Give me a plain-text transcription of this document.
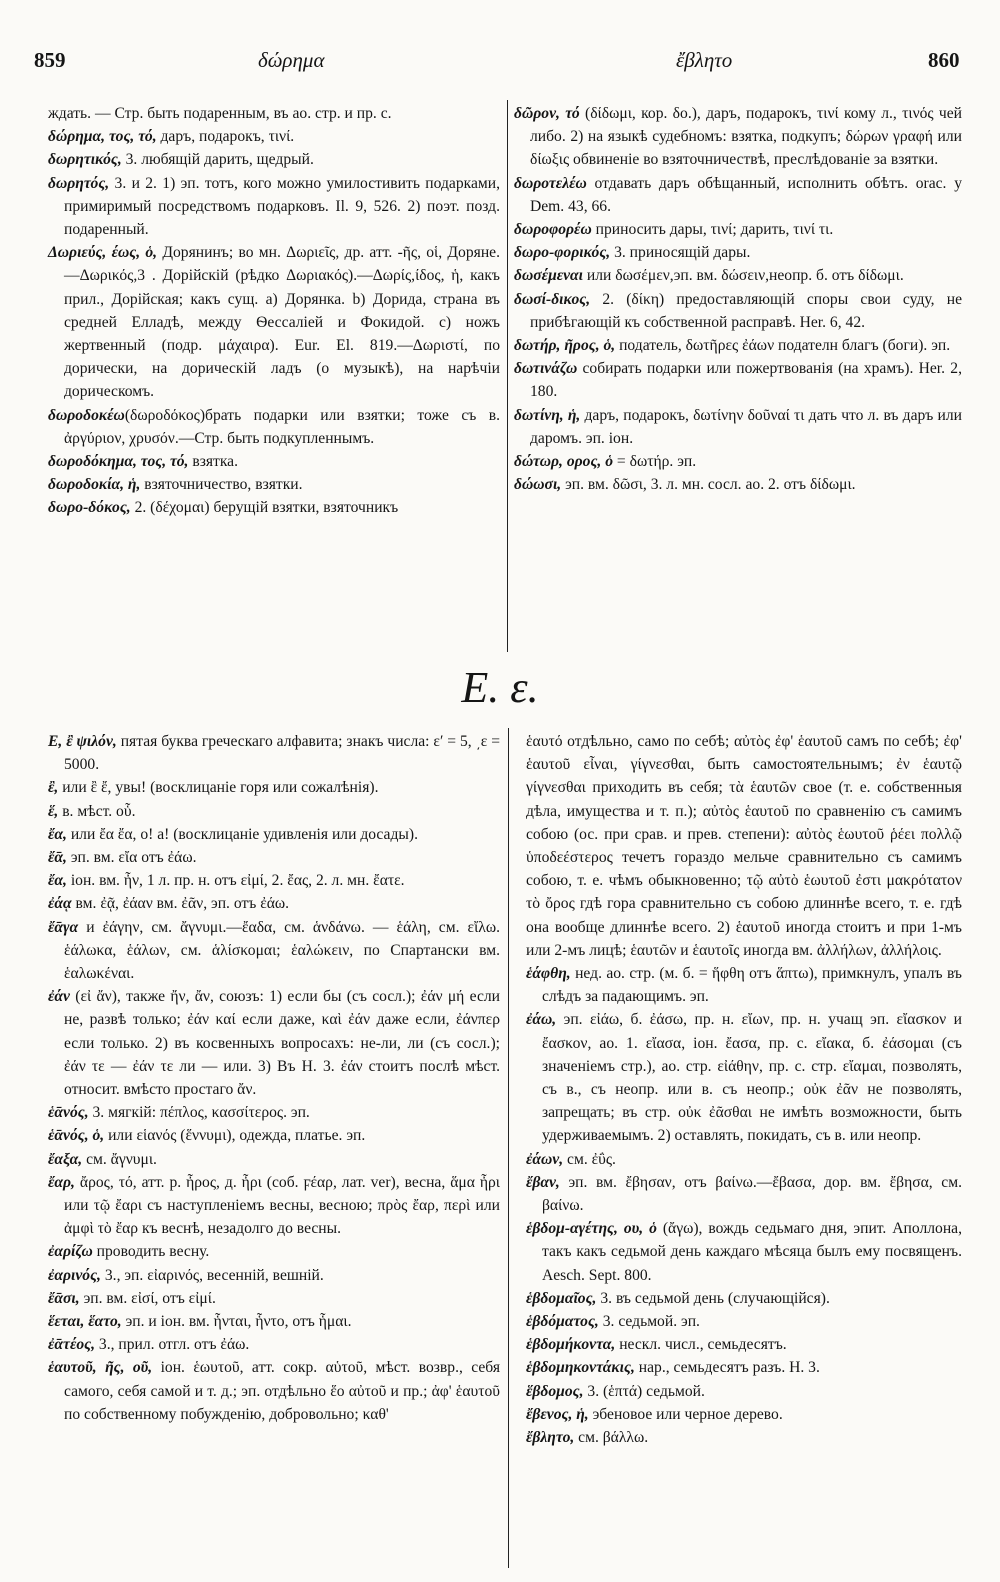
859	δώρημα	ἔβλητο	860

ждать. — Стр. быть подаренным, въ ао. стр. и пр. с.

δώρημα, τος, τό, даръ, подарокъ, τινί.

δωρητικός, 3. любящій дарить, щедрый.

δωρητός, 3. и 2. 1) эп. тотъ, кого можно умилостивить подарками, примиримый посредствомъ подарковъ. Il. 9, 526. 2) поэт. позд. подаренный.

Δωριεύς, έως, ὁ, Дорянинъ; во мн. Δωριεῖς, др. атт. -ῆς, οἱ, Доряне.—Δωρικός,3 . Дорійскій (рѣдко Δωριακός).—Δωρίς,ίδος, ἡ, какъ прил., Дорійская; какъ сущ. a) Дорянка. b) Дорида, страна въ средней Елладѣ, между Ѳессаліей и Фокидой. c) ножъ жертвенный (подр. μάχαιρα). Eur. El. 819.—Δωριστί, по доричecки, на дорическій ладъ (о музыкѣ), на нарѣчіи дорическомъ.

δωροδοκέω(δωροδόκος)брать подарки или взятки; тоже съ в. ἀργύριον, χρυσόν.—Стр. быть подкупленнымъ.

δωροδόκημα, τος, τό, взятка.

δωροδοκία, ἡ, взяточничество, взятки.

δωρο-δόκος, 2. (δέχομαι) берущій взятки, взяточникъ

δῶρον, τό (δίδωμι, кор. δο.), даръ, подарокъ, τινί кому л., τινός чей либо. 2) на языкѣ судебномъ: взятка, подкупъ; δώρων γραφή или δίωξις обвиненіе во взяточничествѣ, преслѣдованіе за взятки.

δωροτελέω отдавать даръ обѣщанный, исполнить обѣтъ. orac. y Dem. 43, 66.

δωροφορέω приносить дары, τινί; дарить, τινί τι.

δωρο-φορικός, 3. приносящій дары.

δωσέμεναι или δωσέμεν,эп. вм. δώσειν,неопр. б. отъ δίδωμι.

δωσί-δικος, 2. (δίκη) предоставляющій споры свои суду, не прибѣгающій къ собственной расправѣ. Her. 6, 42.

δωτήρ, ῆρος, ὁ, податель, δωτῆρες ἐάων подателн благъ (боги). эп.

δωτινάζω собирать подарки или пожертвованія (на храмъ). Her. 2, 180.

δωτίνη, ἡ, даръ, подарокъ, δωτίνην δοῦναί τι дать что л. въ даръ или даромъ. эп. іон.

δώτωρ, ορος, ὁ = δωτήρ. эп.

δώωσι, эп. вм. δῶσι, 3. л. мн. сосл. ао. 2. отъ δίδωμι.

E. ε.

E, ἒ ψιλόν, пятая буква греческаго алфавита; знакъ числа: ε′ = 5, ͵ε = 5000.

ἒ, или ἒ ἔ, увы! (восклицаніе горя или сожалѣнія).

ἕ, в. мѣст. οὗ.

ἔα, или ἔα ἔα, о! а! (восклицаніе удивленія или досады).

ἔᾱ, эп. вм. εἴα отъ ἐάω.

ἔα, іон. вм. ἦν, 1 л. пр. н. отъ εἰμί, 2. ἔας, 2. л. мн. ἔατε.

ἐάᾳ вм. ἐᾷ, ἐάαν вм. ἐᾶν, эп. отъ ἐάω.

ἔᾱγα и ἐάγην, см. ἄγνυμι.—ἔαδα, см. ἁνδάνω. — ἑάλη, см. εἴλω. ἑάλωκα, ἑάλων, см. ἁλίσκομαι; ἑαλώκειν, по Спартански вм. ἑαλωκέναι.

ἐάν (εἰ ἄν), также ἤν, ἄν, союзъ: 1) если бы (съ сосл.); ἐάν μή если не, развѣ только; ἐάν καί если даже, καὶ ἐάν даже если, ἐάνπερ если только. 2) въ косвенныхъ вопросахъ: не-ли, ли (съ сосл.); ἐάν τε — ἐάν τε ли — или. 3) Въ H. 3. ἐάν стоитъ послѣ мѣст. относит. вмѣсто простаго ἄν.

ἑᾱνός, 3. мягкій: πέπλος, κασσίτερος. эп.

ἑᾱνός, ὁ, или εἱανός (ἕννυμι), одежда, платье. эп.

ἔαξα, см. ἄγνυμι.

ἔαρ, ἄρος, τό, атт. р. ἦρος, д. ἦρι (соб. ϝέαρ, лат. ver), весна, ἅμα ἦρι или τῷ ἔαρι съ наступленіемъ весны, весною; πρὸς ἔαρ, περὶ или ἀμφὶ τὸ ἔαρ къ веснѣ, незадолго до весны.

ἐαρίζω проводить весну.

ἐαρινός, 3., эп. εἰαρινός, весенній, вешній.

ἔᾱσι, эп. вм. εἰσί, отъ εἰμί.

ἕεται, ἕατο, эп. и іон. вм. ἧνται, ἧντο, отъ ἧμαι.

ἐᾱτέος, 3., прил. отгл. отъ ἐάω.

ἑαυτοῦ, ῆς, οῦ, іон. ἑωυτοῦ, атт. сокр. αὑτοῦ, мѣст. возвр., себя самого, себя самой и т. д.; эп. отдѣльно ἕο αὐτοῦ и пр.; ἀφ' ἑαυτοῦ по собственному побужденію, добровольно; καθ'

ἑαυτό отдѣльно, само по себѣ; αὐτὸς ἐφ' ἑαυτοῦ самъ по себѣ; ἐφ' ἑαυτοῦ εἶναι, γίγνεσθαι, быть самостоятельнымъ; ἐν ἑαυτῷ γίγνεσθαι приходить въ себя; τὰ ἑαυτῶν свое (т. е. собственныя дѣла, имущества и т. п.); αὐτὸς ἑαυτοῦ по сравненію съ самимъ собою (ос. при срав. и прев. степени): αὐτὸς ἑωυτοῦ ῥέει πολλῷ ὑποδεέστερος течетъ гораздо мельче сравнительно съ самимъ собою, т. е. чѣмъ обыкновенно; τῷ αὐτὸ ἑωυτοῦ ἐστι μακρότατον τὸ ὄρος гдѣ гора сравнительно съ собою длиннѣе всего, т. е. гдѣ она вообще длиннѣе всего. 2) ἑαυτοῦ иногда стоитъ и при 1-мъ или 2-мъ лицѣ; ἑαυτῶν и ἑαυτοῖς иногда вм. ἀλλήλων, ἀλλήλοις.

ἑάφθη, нед. ао. стр. (м. б. = ἥφθη отъ ἅπτω), примкнулъ, упалъ въ слѣдъ за падающимъ. эп.

ἐάω, эп. εἰάω, б. ἐάσω, пр. н. εἴων, пр. н. учащ эп. εἴασκον и ἔασκον, ао. 1. εἴασα, іон. ἔασα, пр. с. εἴακα, б. ἐάσομαι (съ значеніемъ стр.), ао. стр. εἰάθην, пр. с. стр. εἴαμαι, позволять, съ в., съ неопр. или в. съ неопр.; οὐκ ἐᾶν не позволять, запрещать; въ стр. οὐκ ἐᾶσθαι не имѣть возможности, быть удерживаемымъ. 2) оставлять, покидать, съ в. или неопр.

ἐάων, см. ἐΰς.

ἔβαν, эп. вм. ἔβησαν, отъ βαίνω.—ἔβασα, дор. вм. ἔβησα, см. βαίνω.

ἑβδομ-αγέτης, ου, ὁ (ἄγω), вождь седьмаго дня, эпит. Аполлона, такъ какъ седьмой день каждаго мѣсяца былъ ему посвященъ. Aesch. Sept. 800.

ἑβδομαῖος, 3. въ седьмой день (случающійся).

ἑβδόματος, 3. седьмой. эп.

ἑβδομήκοντα, нескл. числ., семьдесятъ.

ἑβδομηκοντάκις, нар., семьдесятъ разъ. H. 3.

ἕβδομος, 3. (ἑπτά) седьмой.

ἔβενος, ἡ, эбеновое или черное дерево.

ἔβλητο, см. βάλλω.
